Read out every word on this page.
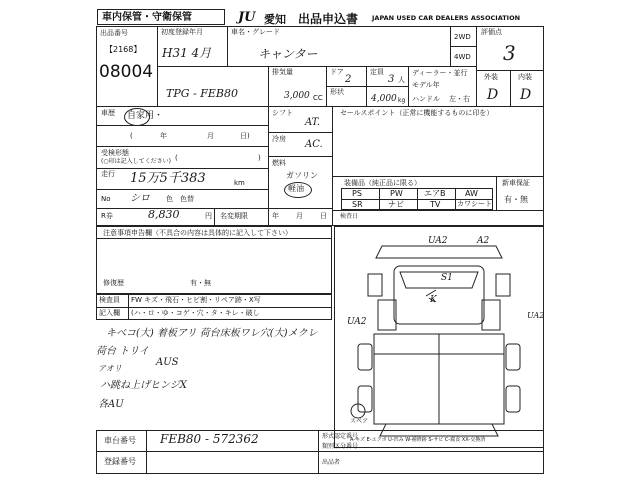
車内保管・守衛保管	JU 愛知 出品申込書 JAPAN USED CAR DEALERS ASSOCIATION
出品番号
【2168】
08004
初度登録年月
H31 4月
車名・グレード
キャンター
2WD
4WD
排気量
TPG - FEB80	3,000 CC
ドア
2
定員
3 人
形状
4,000 kg
ディーラー・並行
モデル年
ハンドル 左・右
評価点
3
外装	内装
D D
車歴 自家用・
(	年	月	日)
シフト
AT.
冷房 AC.
燃料
ガソリン
軽油
受検形態
(○印は記入してください) (	)
走行 15万5千383	km
No シロ 色 色替
R券	8,830	円 名変期限	年 月 日
セールスポイント（正常に機能するものに印を）
装備品（純正品に限る）
PS	PW	エアB AW
SR	ナビ	TV カワシート
新車保証
有・無
検査日
注意事項申告欄（不具合の内容は具体的に記入して下さい）
修復歴	有・無
検査員 FW キズ・飛石・ヒビ割・リペア跡・X写
記入欄 (ハ・ロ・ゆ・コゲ・穴・タ・キレ・破し
キベコ(大) 着板アリ 荷台床板ワレ穴(大)メクレ
荷台 トリイ
アオリ
AUS
ハ跳ね上げヒンジX
各AU
UA2	A2
S1
K
UA2
UA2
スペア
A-キズ E-エクボ U-凹み W-補修跡 S-サビ C-腐食 XX-交換済
車台番号 FEB80 - 572362
登録番号
形式認定番号
類別区分番号
出品者
